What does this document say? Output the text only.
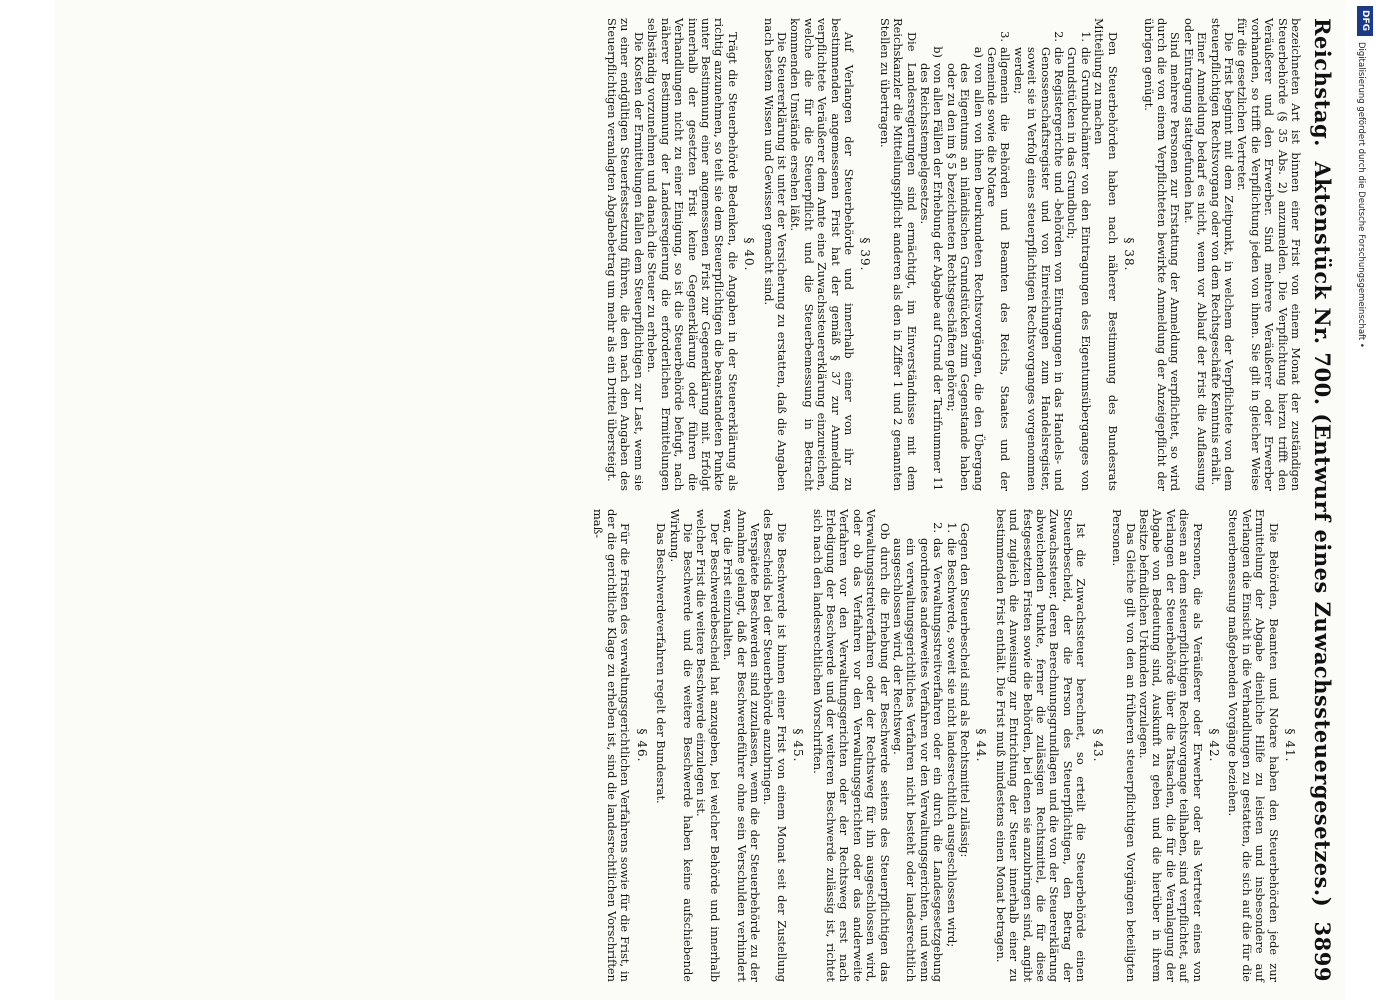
Reichstag.
Aktenstück Nr. 700. (Entwurf eines Zuwachssteuergesetzes.)
3899

bezeichneten Art ist binnen einer Frist von einem Monat der zuständigen Steuerbehörde (§ 35 Abs. 2) anzumelden. Die Verpflichtung hierzu trifft den Veräußerer und den Erwerber. Sind mehrere Veräußerer oder Erwerber vorhanden, so trifft die Verpflichtung jeden von ihnen. Sie gilt in gleicher Weise für die gesetzlichen Vertreter.

Die Frist beginnt mit dem Zeitpunkt, in welchem der Verpflichtete von dem steuerpflichtigen Rechtsvorgang oder von dem Rechtsgeschäfte Kenntnis erhält.

Einer Anmeldung bedarf es nicht, wenn vor Ablauf der Frist die Auflassung oder Eintragung stattgefunden hat.

Sind mehrere Personen zur Erstattung der Anmeldung verpflichtet, so wird durch die von einem Verpflichteten bewirkte Anmeldung der Anzeigepflicht der übrigen genügt.

§ 38.

Den Steuerbehörden haben nach näherer Bestimmung des Bundesrats Mitteilung zu machen

1.
die Grundbuchämter von den Eintragungen des Eigentumsüberganges von Grundstücken in das Grundbuch;
2.
die Registergerichte und -behörden von Eintragungen in das Handels- und Genossenschaftsregister und von Einreichungen zum Handelsregister, soweit sie in Verfolg eines steuerpflichtigen Rechtsvorganges vorgenommen werden;
3.
allgemein die Behörden und Beamten des Reichs, Staates und der Gemeinde sowie die Notare
a)
von allen von ihnen beurkundeten Rechtsvorgängen, die den Übergang des Eigentums an inländischen Grundstücken zum Gegenstande haben oder zu den im § 5 bezeichneten Rechtsgeschäften gehören;
b)
von allen Fällen der Erhebung der Abgabe auf Grund der Tarifnummer 11 des Reichsstempelgesetzes.

Die Landesregierungen sind ermächtigt, im Einverständnisse mit dem Reichskanzler die Mitteilungspflicht anderen als den in Ziffer 1 und 2 genannten Stellen zu übertragen.

§ 39.

Auf Verlangen der Steuerbehörde und innerhalb einer von ihr zu bestimmenden angemessenen Frist hat der gemäß § 37 zur Anmeldung verpflichtete Veräußerer dem Amte eine Zuwachssteuererklärung einzureichen, welche die für die Steuerpflicht und die Steuerbemessung in Betracht kommenden Umstände ersehen läßt.

Die Steuererklärung ist unter der Versicherung zu erstatten, daß die Angaben nach bestem Wissen und Gewissen gemacht sind.

§ 40.

Trägt die Steuerbehörde Bedenken, die Angaben in der Steuererklärung als richtig anzunehmen, so teilt sie dem Steuerpflichtigen die beanstandeten Punkte unter Bestimmung einer angemessenen Frist zur Gegenerklärung mit. Erfolgt innerhalb der gesetzten Frist keine Gegenerklärung oder führen die Verhandlungen nicht zu einer Einigung, so ist die Steuerbehörde befugt, nach näherer Bestimmung der Landesregierung die erforderlichen Ermittelungen selbständig vorzunehmen und danach die Steuer zu erheben.

Die Kosten der Ermittelungen fallen dem Steuerpflichtigen zur Last, wenn sie zu einer endgültigen Steuerfestsetzung führen, die den nach den Angaben des Steuerpflichtigen veranlagten Abgabebetrag um mehr als ein Drittel übersteigt.

§ 41.

Die Behörden, Beamten und Notare haben den Steuerbehörden jede zur Ermittelung der Abgabe dienliche Hilfe zu leisten und insbesondere auf Verlangen die Einsicht in die Verhandlungen zu gestatten, die sich auf die für die Steuerbemessung maßgebenden Vorgänge beziehen.

§ 42.

Personen, die als Veräußerer oder Erwerber oder als Vertreter eines von diesen an dem steuerpflichtigen Rechtsvorgange teilhaben, sind verpflichtet, auf Verlangen der Steuerbehörde über die Tatsachen, die für die Veranlagung der Abgabe von Bedeutung sind, Auskunft zu geben und die hierüber in ihrem Besitze befindlichen Urkunden vorzulegen.

Das Gleiche gilt von den an früheren steuerpflichtigen Vorgängen beteiligten Personen.

§ 43.

Ist die Zuwachssteuer berechnet, so erteilt die Steuerbehörde einen Steuerbescheid, der die Person des Steuerpflichtigen, den Betrag der Zuwachssteuer, deren Berechnungsgrundlagen und die von der Steuererklärung abweichenden Punkte, ferner die zulässigen Rechtsmittel, die für diese festgesetzten Fristen sowie die Behörden, bei denen sie anzubringen sind, angibt und zugleich die Anweisung zur Entrichtung der Steuer innerhalb einer zu bestimmenden Frist enthält. Die Frist muß mindestens einen Monat betragen.

§ 44.

Gegen den Steuerbescheid sind als Rechtsmittel zulässig:

1.
die Beschwerde, soweit sie nicht landesrechtlich ausgeschlossen wird;
2.
das Verwaltungsstreitverfahren oder ein durch die Landesgesetzgebung geordnetes anderweites Verfahren vor den Verwaltungsgerichten, und wenn ein verwaltungsgerichtliches Verfahren nicht besteht oder landesrechtlich ausgeschlossen wird, der Rechtsweg.

Ob durch die Erhebung der Beschwerde seitens des Steuerpflichtigen das Verwaltungsstreitverfahren oder der Rechtsweg für ihn ausgeschlossen wird, oder ob das Verfahren vor den Verwaltungsgerichten oder das anderweite Verfahren vor den Verwaltungsgerichten oder der Rechtsweg erst nach Erledigung der Beschwerde und der weiteren Beschwerde zulässig ist, richtet sich nach den landesrechtlichen Vorschriften.

§ 45.

Die Beschwerde ist binnen einer Frist von einem Monat seit der Zustellung des Bescheids bei der Steuerbehörde anzubringen.

Verspätete Beschwerden sind zuzulassen, wenn die der Steuerbehörde zu der Annahme gelangt, daß der Beschwerdeführer ohne sein Verschulden verhindert war, die Frist einzuhalten.

Der Beschwerdebescheid hat anzugeben, bei welcher Behörde und innerhalb welcher Frist die weitere Beschwerde einzulegen ist.

Die Beschwerde und die weitere Beschwerde haben keine aufschiebende Wirkung.

Das Beschwerdeverfahren regelt der Bundesrat.

§ 46.

Für die Fristen des verwaltungsgerichtlichen Verfahrens sowie für die Frist, in der die gerichtliche Klage zu erheben ist, sind die landesrechtlichen Vorschriften maß-

DFG
Digitalisierung gefördert durch die Deutsche Forschungsgemeinschaft •
